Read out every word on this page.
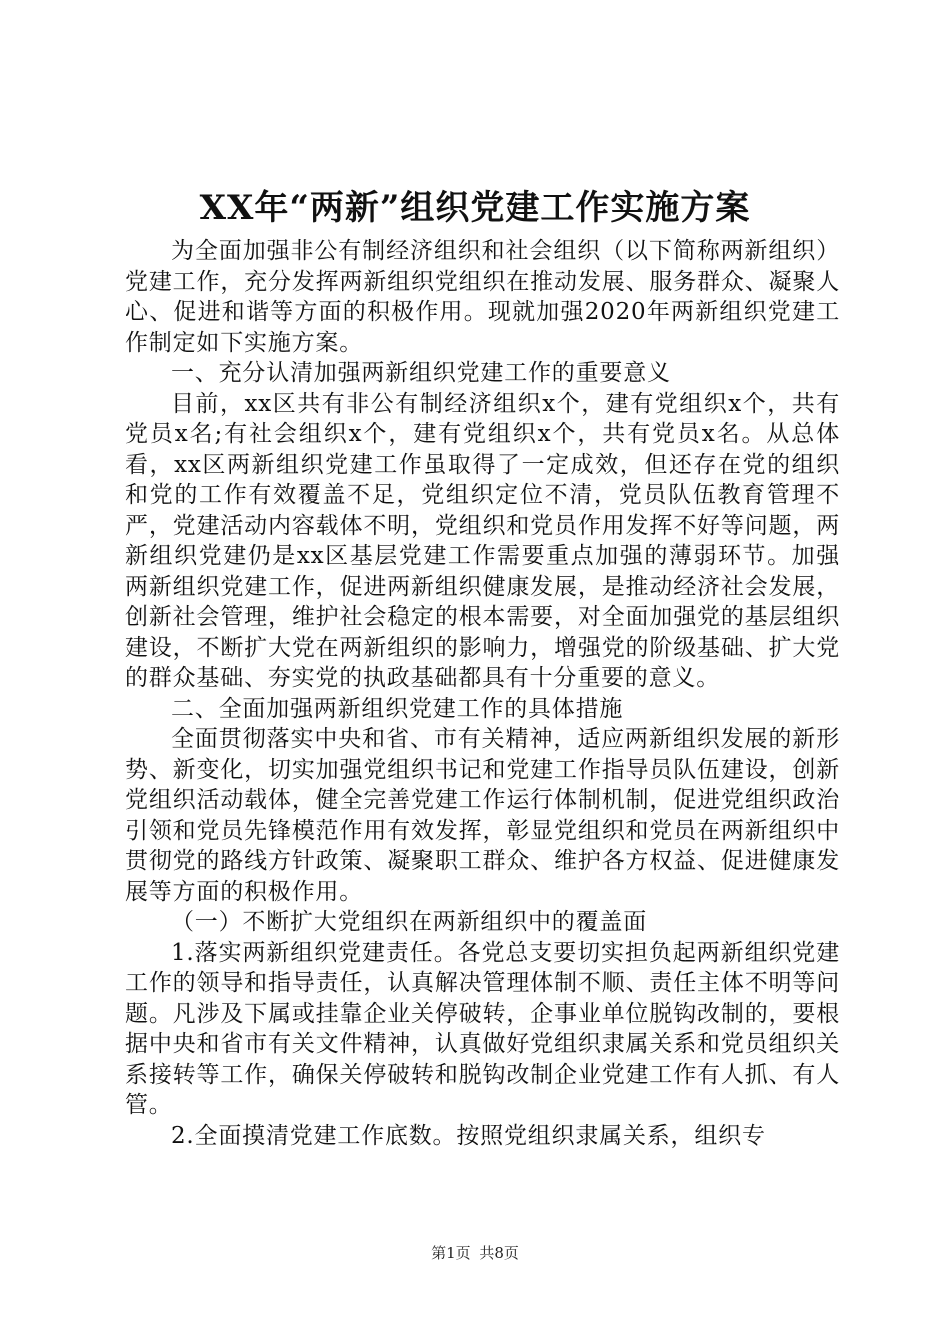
XX年“两新”组织党建工作实施方案

为全面加强非公有制经济组织和社会组织（以下简称两新组织）党建工作，充分发挥两新组织党组织在推动发展、服务群众、凝聚人心、促进和谐等方面的积极作用。现就加强2020年两新组织党建工作制定如下实施方案。

一、充分认清加强两新组织党建工作的重要意义

目前，xx区共有非公有制经济组织x个，建有党组织x个，共有党员x名;有社会组织x个，建有党组织x个，共有党员x名。从总体看，xx区两新组织党建工作虽取得了一定成效，但还存在党的组织和党的工作有效覆盖不足，党组织定位不清，党员队伍教育管理不严，党建活动内容载体不明，党组织和党员作用发挥不好等问题，两新组织党建仍是xx区基层党建工作需要重点加强的薄弱环节。加强两新组织党建工作，促进两新组织健康发展，是推动经济社会发展，创新社会管理，维护社会稳定的根本需要，对全面加强党的基层组织建设，不断扩大党在两新组织的影响力，增强党的阶级基础、扩大党的群众基础、夯实党的执政基础都具有十分重要的意义。

二、全面加强两新组织党建工作的具体措施

全面贯彻落实中央和省、市有关精神，适应两新组织发展的新形势、新变化，切实加强党组织书记和党建工作指导员队伍建设，创新党组织活动载体，健全完善党建工作运行体制机制，促进党组织政治引领和党员先锋模范作用有效发挥，彰显党组织和党员在两新组织中贯彻党的路线方针政策、凝聚职工群众、维护各方权益、促进健康发展等方面的积极作用。

（一）不断扩大党组织在两新组织中的覆盖面

1.落实两新组织党建责任。各党总支要切实担负起两新组织党建工作的领导和指导责任，认真解决管理体制不顺、责任主体不明等问题。凡涉及下属或挂靠企业关停破转，企事业单位脱钩改制的，要根据中央和省市有关文件精神，认真做好党组织隶属关系和党员组织关系接转等工作，确保关停破转和脱钩改制企业党建工作有人抓、有人管。

2.全面摸清党建工作底数。按照党组织隶属关系，组织专

第1页 共8页
